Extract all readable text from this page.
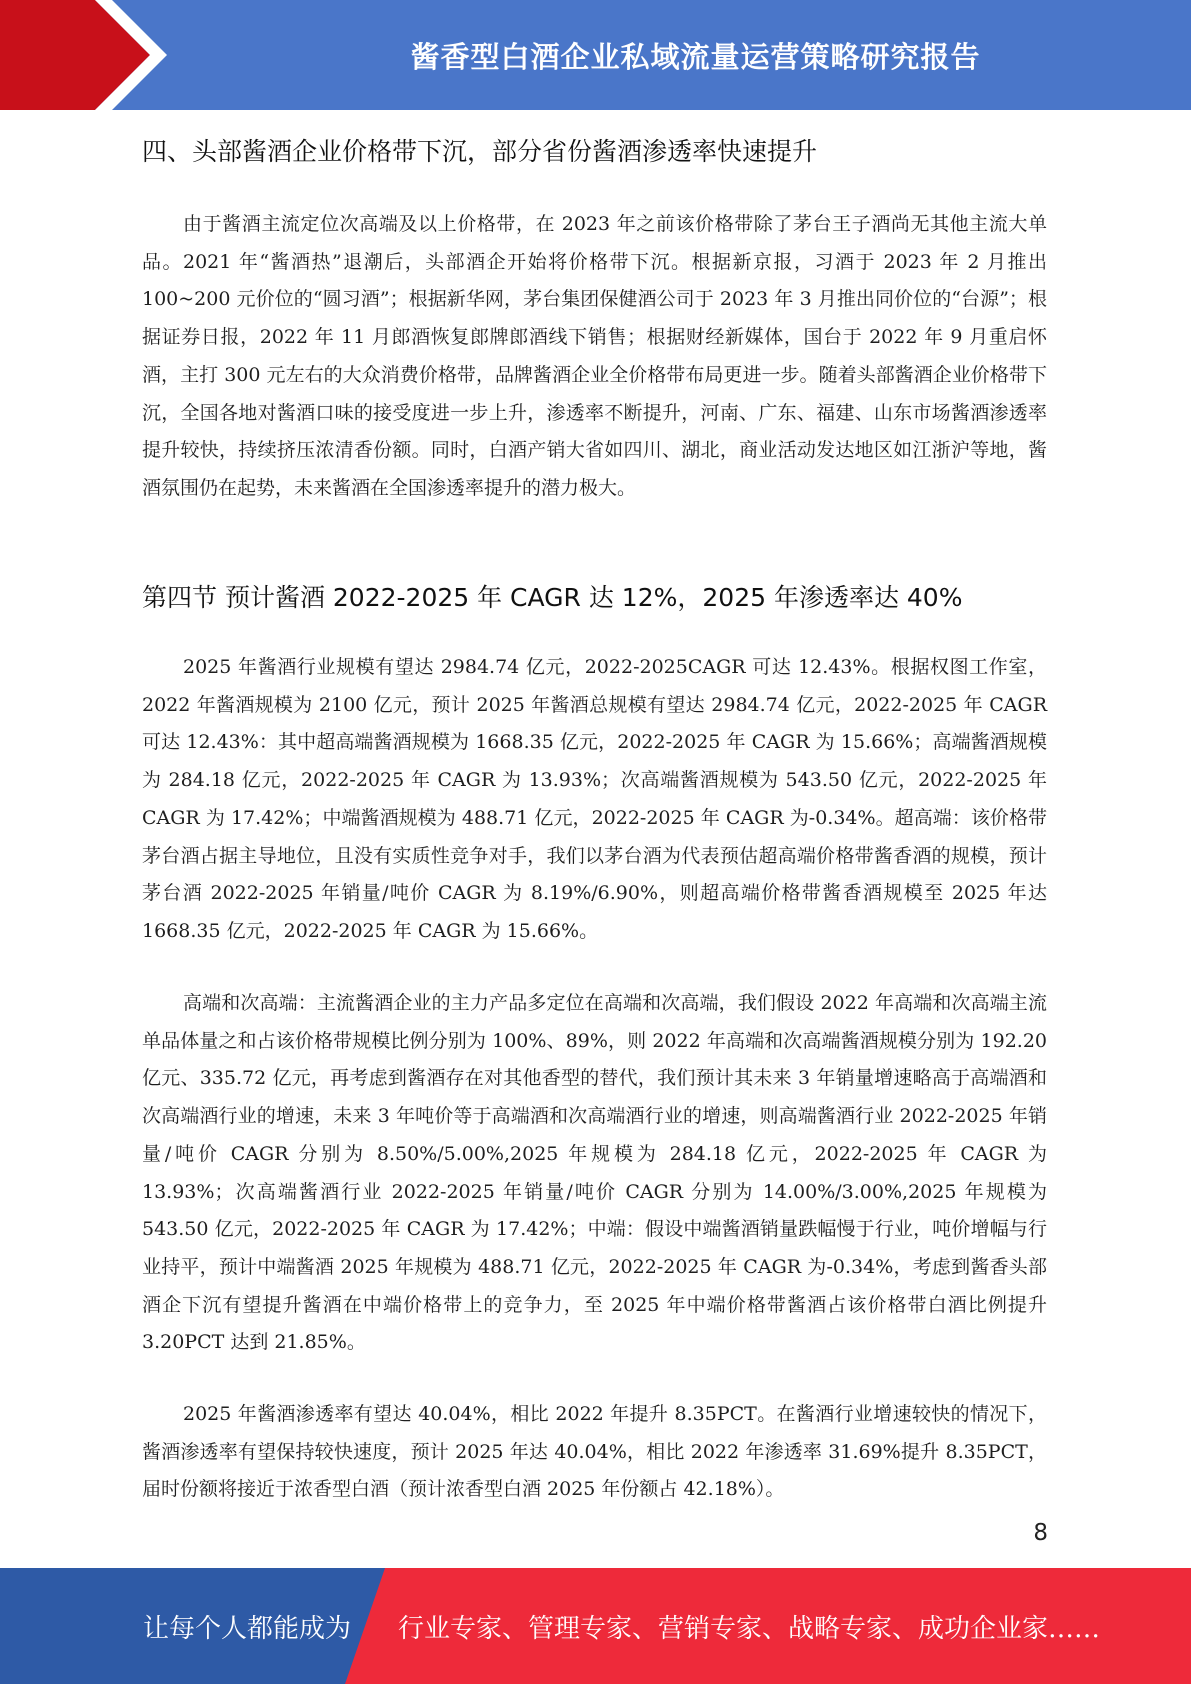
酱香型白酒企业私域流量运营策略研究报告
四、头部酱酒企业价格带下沉，部分省份酱酒渗透率快速提升

由于酱酒主流定位次高端及以上价格带，在 2023 年之前该价格带除了茅台王子酒尚无其他主流大单品。2021 年“酱酒热”退潮后，头部酒企开始将价格带下沉。根据新京报，习酒于 2023 年 2 月推出 100~200 元价位的“圆习酒”；根据新华网，茅台集团保健酒公司于 2023 年 3 月推出同价位的“台源”；根据证券日报，2022 年 11 月郎酒恢复郎牌郎酒线下销售；根据财经新媒体，国台于 2022 年 9 月重启怀酒，主打 300 元左右的大众消费价格带，品牌酱酒企业全价格带布局更进一步。随着头部酱酒企业价格带下沉，全国各地对酱酒口味的接受度进一步上升，渗透率不断提升，河南、广东、福建、山东市场酱酒渗透率提升较快，持续挤压浓清香份额。同时，白酒产销大省如四川、湖北，商业活动发达地区如江浙沪等地，酱酒氛围仍在起势，未来酱酒在全国渗透率提升的潜力极大。

第四节 预计酱酒 2022-2025 年 CAGR 达 12%，2025 年渗透率达 40%

2025 年酱酒行业规模有望达 2984.74 亿元，2022-2025CAGR 可达 12.43%。根据权图工作室，2022 年酱酒规模为 2100 亿元，预计 2025 年酱酒总规模有望达 2984.74 亿元，2022-2025 年 CAGR 可达 12.43%：其中超高端酱酒规模为 1668.35 亿元，2022-2025 年 CAGR 为 15.66%；高端酱酒规模为 284.18 亿元，2022-2025 年 CAGR 为 13.93%；次高端酱酒规模为 543.50 亿元，2022-2025 年 CAGR 为 17.42%；中端酱酒规模为 488.71 亿元，2022-2025 年 CAGR 为-0.34%。超高端：该价格带茅台酒占据主导地位，且没有实质性竞争对手，我们以茅台酒为代表预估超高端价格带酱香酒的规模，预计茅台酒 2022-2025 年销量/吨价 CAGR 为 8.19%/6.90%，则超高端价格带酱香酒规模至 2025 年达 1668.35 亿元，2022-2025 年 CAGR 为 15.66%。

高端和次高端：主流酱酒企业的主力产品多定位在高端和次高端，我们假设 2022 年高端和次高端主流单品体量之和占该价格带规模比例分别为 100%、89%，则 2022 年高端和次高端酱酒规模分别为 192.20 亿元、335.72 亿元，再考虑到酱酒存在对其他香型的替代，我们预计其未来 3 年销量增速略高于高端酒和次高端酒行业的增速，未来 3 年吨价等于高端酒和次高端酒行业的增速，则高端酱酒行业 2022-2025 年销量/吨价 CAGR 分别为 8.50%/5.00%,2025 年规模为 284.18 亿元，2022-2025 年 CAGR 为 13.93%；次高端酱酒行业 2022-2025 年销量/吨价 CAGR 分别为 14.00%/3.00%,2025 年规模为 543.50 亿元，2022-2025 年 CAGR 为 17.42%；中端：假设中端酱酒销量跌幅慢于行业，吨价增幅与行业持平，预计中端酱酒 2025 年规模为 488.71 亿元，2022-2025 年 CAGR 为-0.34%，考虑到酱香头部酒企下沉有望提升酱酒在中端价格带上的竞争力，至 2025 年中端价格带酱酒占该价格带白酒比例提升 3.20PCT 达到 21.85%。

2025 年酱酒渗透率有望达 40.04%，相比 2022 年提升 8.35PCT。在酱酒行业增速较快的情况下，酱酒渗透率有望保持较快速度，预计 2025 年达 40.04%，相比 2022 年渗透率 31.69%提升 8.35PCT，届时份额将接近于浓香型白酒（预计浓香型白酒 2025 年份额占 42.18%）。

8
让每个人都能成为 行业专家、管理专家、营销专家、战略专家、成功企业家……
